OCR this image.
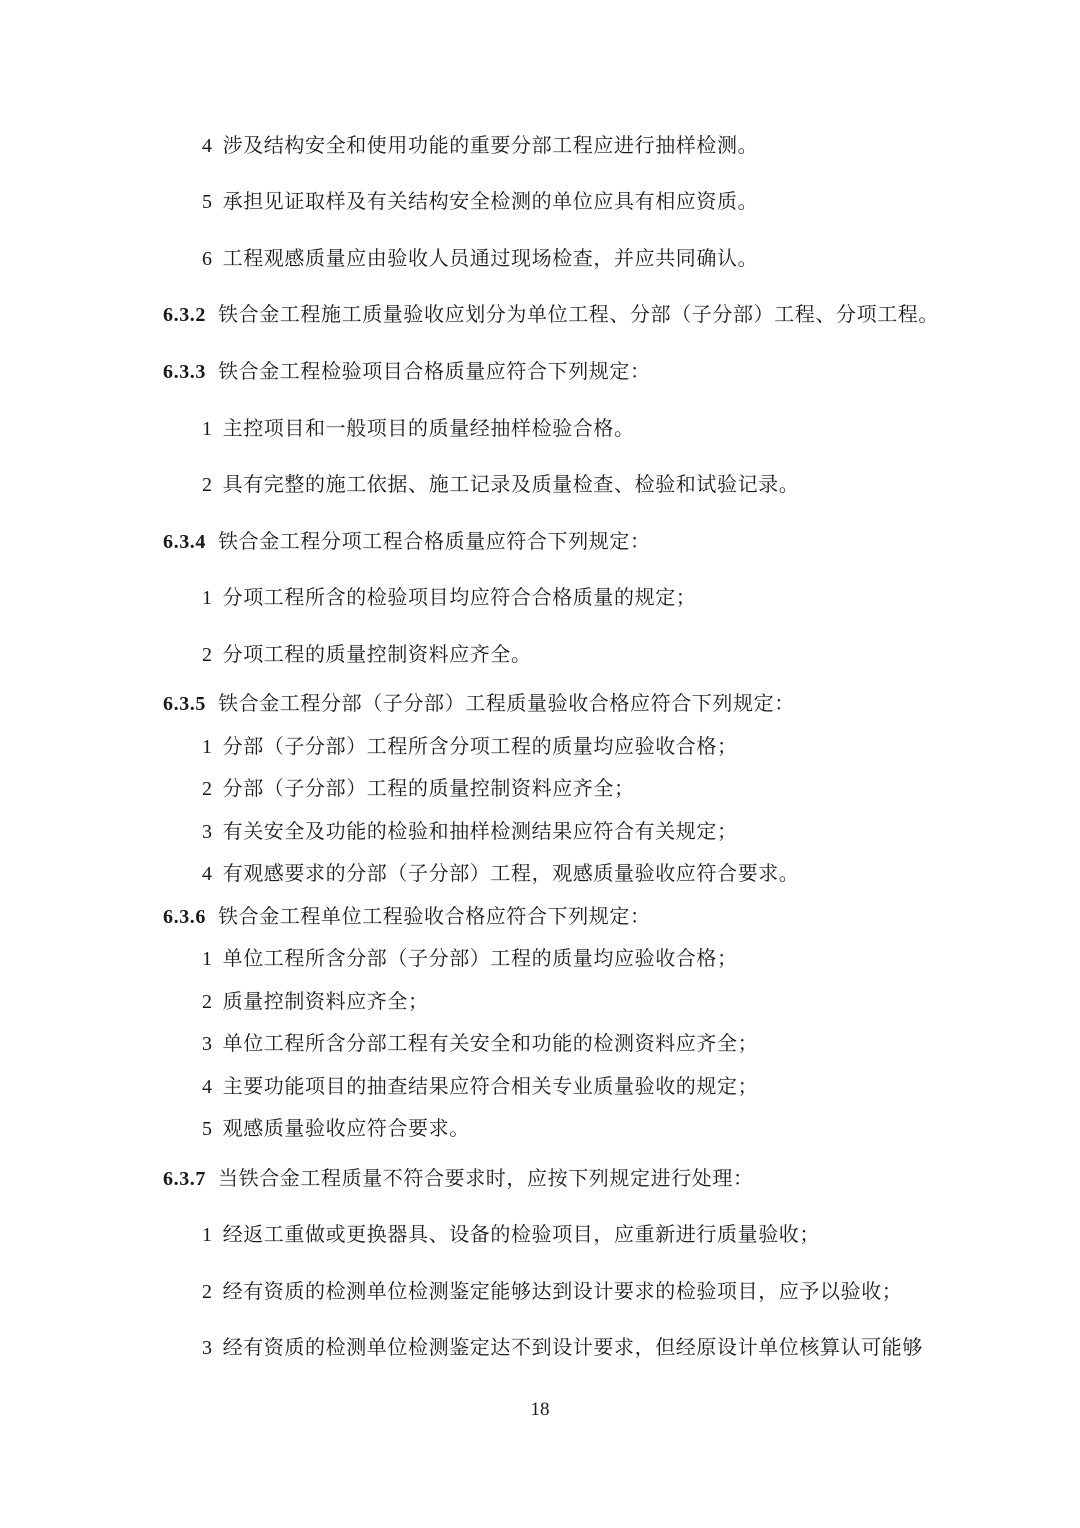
4 涉及结构安全和使用功能的重要分部工程应进行抽样检测。
5 承担见证取样及有关结构安全检测的单位应具有相应资质。
6 工程观感质量应由验收人员通过现场检查，并应共同确认。
6.3.2 铁合金工程施工质量验收应划分为单位工程、分部（子分部）工程、分项工程。
6.3.3 铁合金工程检验项目合格质量应符合下列规定：
1 主控项目和一般项目的质量经抽样检验合格。
2 具有完整的施工依据、施工记录及质量检查、检验和试验记录。
6.3.4 铁合金工程分项工程合格质量应符合下列规定：
1 分项工程所含的检验项目均应符合合格质量的规定；
2 分项工程的质量控制资料应齐全。
6.3.5 铁合金工程分部（子分部）工程质量验收合格应符合下列规定：
1 分部（子分部）工程所含分项工程的质量均应验收合格；
2 分部（子分部）工程的质量控制资料应齐全；
3 有关安全及功能的检验和抽样检测结果应符合有关规定；
4 有观感要求的分部（子分部）工程，观感质量验收应符合要求。
6.3.6 铁合金工程单位工程验收合格应符合下列规定：
1 单位工程所含分部（子分部）工程的质量均应验收合格；
2 质量控制资料应齐全；
3 单位工程所含分部工程有关安全和功能的检测资料应齐全；
4 主要功能项目的抽查结果应符合相关专业质量验收的规定；
5 观感质量验收应符合要求。
6.3.7 当铁合金工程质量不符合要求时，应按下列规定进行处理：
1 经返工重做或更换器具、设备的检验项目，应重新进行质量验收；
2 经有资质的检测单位检测鉴定能够达到设计要求的检验项目，应予以验收；
3 经有资质的检测单位检测鉴定达不到设计要求，但经原设计单位核算认可能够
18
